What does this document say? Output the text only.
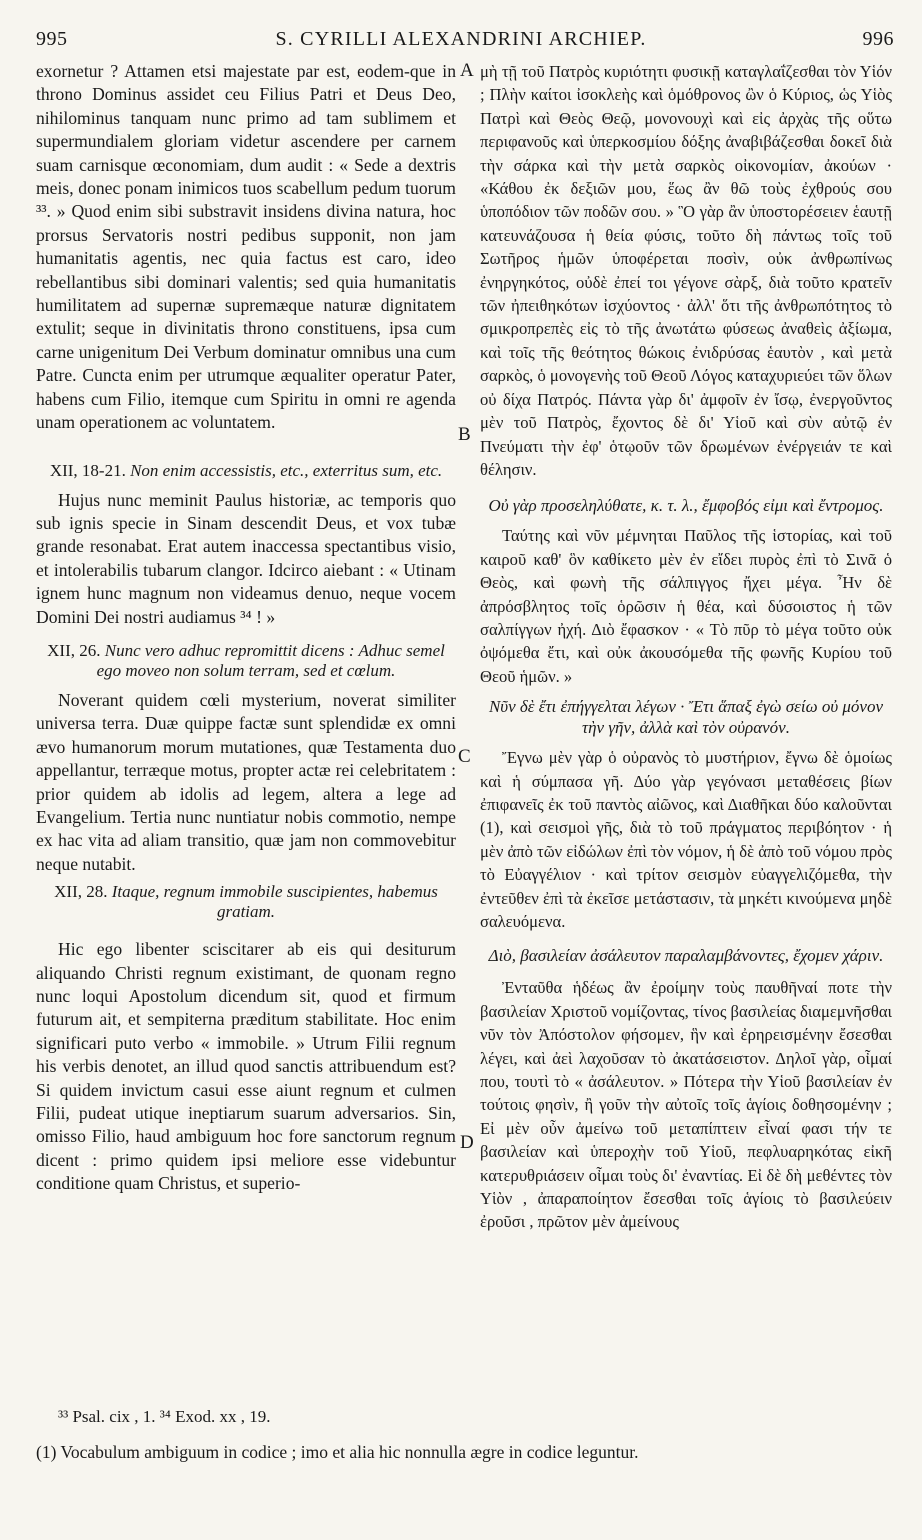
995	S. CYRILLI ALEXANDRINI ARCHIEP.	996

exornetur ? Attamen etsi majestate par est, eodem-que in throno Dominus assidet ceu Filius Patri et Deus Deo, nihilominus tanquam nunc primo ad tam sublimem et supermundialem gloriam videtur ascendere per carnem suam carnisque œconomiam, dum audit : « Sede a dextris meis, donec ponam inimicos tuos scabellum pedum tuorum ³³. » Quod enim sibi substravit insidens divina natura, hoc prorsus Servatoris nostri pedibus supponit, non jam humanitatis agentis, nec quia factus est caro, ideo rebellantibus sibi dominari valentis; sed quia humanitatis humilitatem ad supernæ supremæque naturæ dignitatem extulit; seque in divinitatis throno constituens, ipsa cum carne unigenitum Dei Verbum dominatur omnibus una cum Patre. Cuncta enim per utrumque æqualiter operatur Pater, habens cum Filio, itemque cum Spiritu in omni re agenda unam operationem ac voluntatem.

XII, 18-21. Non enim accessistis, etc., exterritus sum, etc.

Hujus nunc meminit Paulus historiæ, ac temporis quo sub ignis specie in Sinam descendit Deus, et vox tubæ grande resonabat. Erat autem inaccessa spectantibus visio, et intolerabilis tubarum clangor. Idcirco aiebant : « Utinam ignem hunc magnum non videamus denuo, neque vocem Domini Dei nostri audiamus ³⁴ ! »

XII, 26. Nunc vero adhuc repromittit dicens : Adhuc semel ego moveo non solum terram, sed et cœlum.

Noverant quidem cœli mysterium, noverat similiter universa terra. Duæ quippe factæ sunt splendidæ ex omni ævo humanorum morum mutationes, quæ Testamenta duo appellantur, terræque motus, propter actæ rei celebritatem : prior quidem ab idolis ad legem, altera a lege ad Evangelium. Tertia nunc nuntiatur nobis commotio, nempe ex hac vita ad aliam transitio, quæ jam non commovebitur neque nutabit.

XII, 28. Itaque, regnum immobile suscipientes, habemus gratiam.

Hic ego libenter sciscitarer ab eis qui desiturum aliquando Christi regnum existimant, de quonam regno nunc loqui Apostolum dicendum sit, quod et firmum futurum ait, et sempiterna præditum stabilitate. Hoc enim significari puto verbo « immobile. » Utrum Filii regnum his verbis denotet, an illud quod sanctis attribuendum est? Si quidem invictum casui esse aiunt regnum et culmen Filii, pudeat utique ineptiarum suarum adversarios. Sin, omisso Filio, haud ambiguum hoc fore sanctorum regnum dicent : primo quidem ipsi meliore esse videbuntur conditione quam Christus, et superio-

μὴ τῇ τοῦ Πατρὸς κυριότητι φυσικῇ καταγλαΐζεσθαι τὸν Υἱόν ; Πλὴν καίτοι ἰσοκλεὴς καὶ ὁμόθρονος ὢν ὁ Κύριος, ὡς Υἱὸς Πατρὶ καὶ Θεὸς Θεῷ, μονονουχὶ καὶ εἰς ἀρχὰς τῆς οὕτω περιφανοῦς καὶ ὑπερκοσμίου δόξης ἀναβιβάζεσθαι δοκεῖ διὰ τὴν σάρκα καὶ τὴν μετὰ σαρκὸς οἰκονομίαν, ἀκούων · «Κάθου ἐκ δεξιῶν μου, ἕως ἂν θῶ τοὺς ἐχθρούς σου ὑποπόδιον τῶν ποδῶν σου. » Ὃ γὰρ ἂν ὑποστορέσειεν ἑαυτῇ κατευνάζουσα ἡ θεία φύσις, τοῦτο δὴ πάντως τοῖς τοῦ Σωτῆρος ἡμῶν ὑποφέρεται ποσὶν, οὐκ ἀνθρωπίνως ἐνηργηκότος, οὐδὲ ἐπεί τοι γέγονε σὰρξ, διὰ τοῦτο κρατεῖν τῶν ἠπειθηκότων ἰσχύοντος · ἀλλ' ὅτι τῆς ἀνθρωπότητος τὸ σμικροπρεπὲς εἰς τὸ τῆς ἀνωτάτω φύσεως ἀναθεὶς ἀξίωμα, καὶ τοῖς τῆς θεότητος θώκοις ἐνιδρύσας ἑαυτὸν , καὶ μετὰ σαρκὸς, ὁ μονογενὴς τοῦ Θεοῦ Λόγος καταχυριεύει τῶν ὅλων οὐ δίχα Πατρός. Πάντα γὰρ δι' ἀμφοῖν ἐν ἴσῳ, ἐνεργοῦντος μὲν τοῦ Πατρὸς, ἔχοντος δὲ δι' Υἱοῦ καὶ σὺν αὐτῷ ἐν Πνεύματι τὴν ἐφ' ὁτῳοῦν τῶν δρωμένων ἐνέργειάν τε καὶ θέλησιν.

Οὐ γὰρ προσεληλύθατε, κ. τ. λ., ἔμφοβός εἰμι καὶ ἔντρομος.

Ταύτης καὶ νῦν μέμνηται Παῦλος τῆς ἱστορίας, καὶ τοῦ καιροῦ καθ' ὃν καθίκετο μὲν ἐν εἴδει πυρὸς ἐπὶ τὸ Σινᾶ ὁ Θεὸς, καὶ φωνὴ τῆς σάλπιγγος ἤχει μέγα. Ἦν δὲ ἀπρόσβλητος τοῖς ὁρῶσιν ἡ θέα, καὶ δύσοιστος ἡ τῶν σαλπίγγων ἠχή. Διὸ ἔφασκον · « Τὸ πῦρ τὸ μέγα τοῦτο οὐκ ὀψόμεθα ἔτι, καὶ οὐκ ἀκουσόμεθα τῆς φωνῆς Κυρίου τοῦ Θεοῦ ἡμῶν. »

Νῦν δὲ ἔτι ἐπήγγελται λέγων · Ἔτι ἅπαξ ἐγὼ σείω οὐ μόνον τὴν γῆν, ἀλλὰ καὶ τὸν οὐρανόν.

Ἔγνω μὲν γὰρ ὁ οὐρανὸς τὸ μυστήριον, ἔγνω δὲ ὁμοίως καὶ ἡ σύμπασα γῆ. Δύο γὰρ γεγόνασι μεταθέσεις βίων ἐπιφανεῖς ἐκ τοῦ παντὸς αἰῶνος, καὶ Διαθῆκαι δύο καλοῦνται (1), καὶ σεισμοὶ γῆς, διὰ τὸ τοῦ πράγματος περιβόητον · ἡ μὲν ἀπὸ τῶν εἰδώλων ἐπὶ τὸν νόμον, ἡ δὲ ἀπὸ τοῦ νόμου πρὸς τὸ Εὐαγγέλιον · καὶ τρίτον σεισμὸν εὐαγγελιζόμεθα, τὴν ἐντεῦθεν ἐπὶ τὰ ἐκεῖσε μετάστασιν, τὰ μηκέτι κινούμενα μηδὲ σαλευόμενα.

Διὸ, βασιλείαν ἀσάλευτον παραλαμβάνοντες, ἔχομεν χάριν.

Ἐνταῦθα ἡδέως ἂν ἐροίμην τοὺς παυθῆναί ποτε τὴν βασιλείαν Χριστοῦ νομίζοντας, τίνος βασιλείας διαμεμνῆσθαι νῦν τὸν Ἀπόστολον φήσομεν, ἣν καὶ ἐρηρεισμένην ἔσεσθαι λέγει, καὶ ἀεὶ λαχοῦσαν τὸ ἀκατάσειστον. Δηλοῖ γὰρ, οἶμαί που, τουτὶ τὸ « ἀσάλευτον. » Πότερα τὴν Υἱοῦ βασιλείαν ἐν τούτοις φησὶν, ἢ γοῦν τὴν αὐτοῖς τοῖς ἁγίοις δοθησομένην ; Εἰ μὲν οὖν ἀμείνω τοῦ μεταπίπτειν εἶναί φασι τήν τε βασιλείαν καὶ ὑπεροχὴν τοῦ Υἱοῦ, πεφλυαρηκότας εἰκῆ κατερυθριάσειν οἶμαι τοὺς δι' ἐναντίας. Εἰ δὲ δὴ μεθέντες τὸν Υἱὸν , ἀπαραποίητον ἔσεσθαι τοῖς ἁγίοις τὸ βασιλεύειν ἐροῦσι , πρῶτον μὲν ἀμείνους

A
B
C
D
³³ Psal. cix , 1. ³⁴ Exod. xx , 19.
(1) Vocabulum ambiguum in codice ; imo et alia hic nonnulla ægre in codice leguntur.
